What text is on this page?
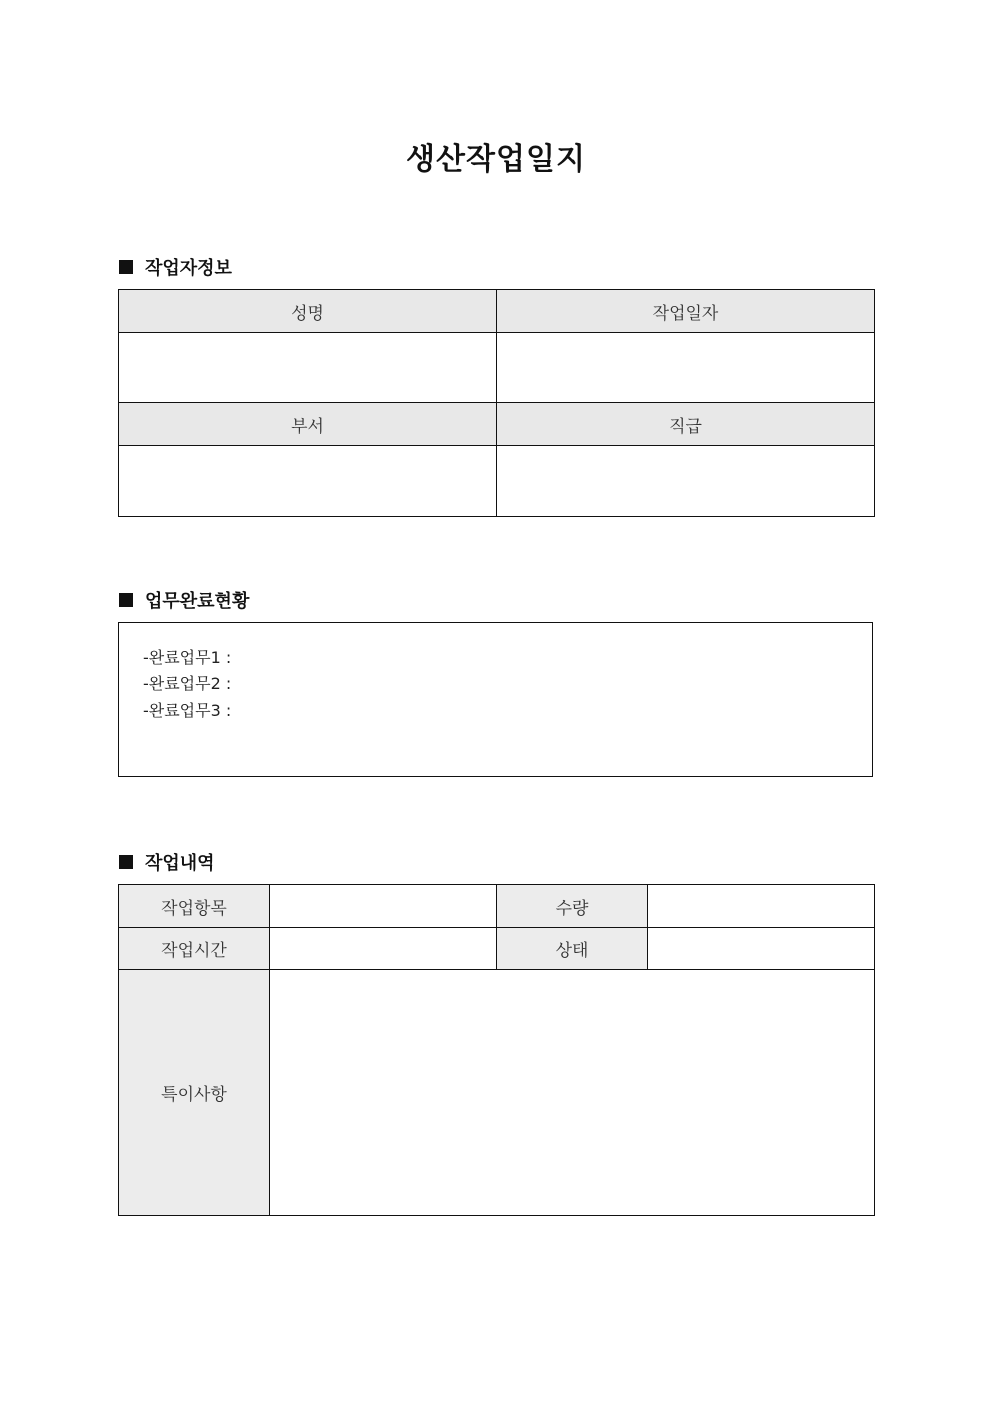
생산작업일지
작업자정보
성명	작업일자

부서	직급

업무완료현황
-완료업무1 :
-완료업무2 :
-완료업무3 :
작업내역
작업항목		수량	
작업시간		상태	
특이사항			
